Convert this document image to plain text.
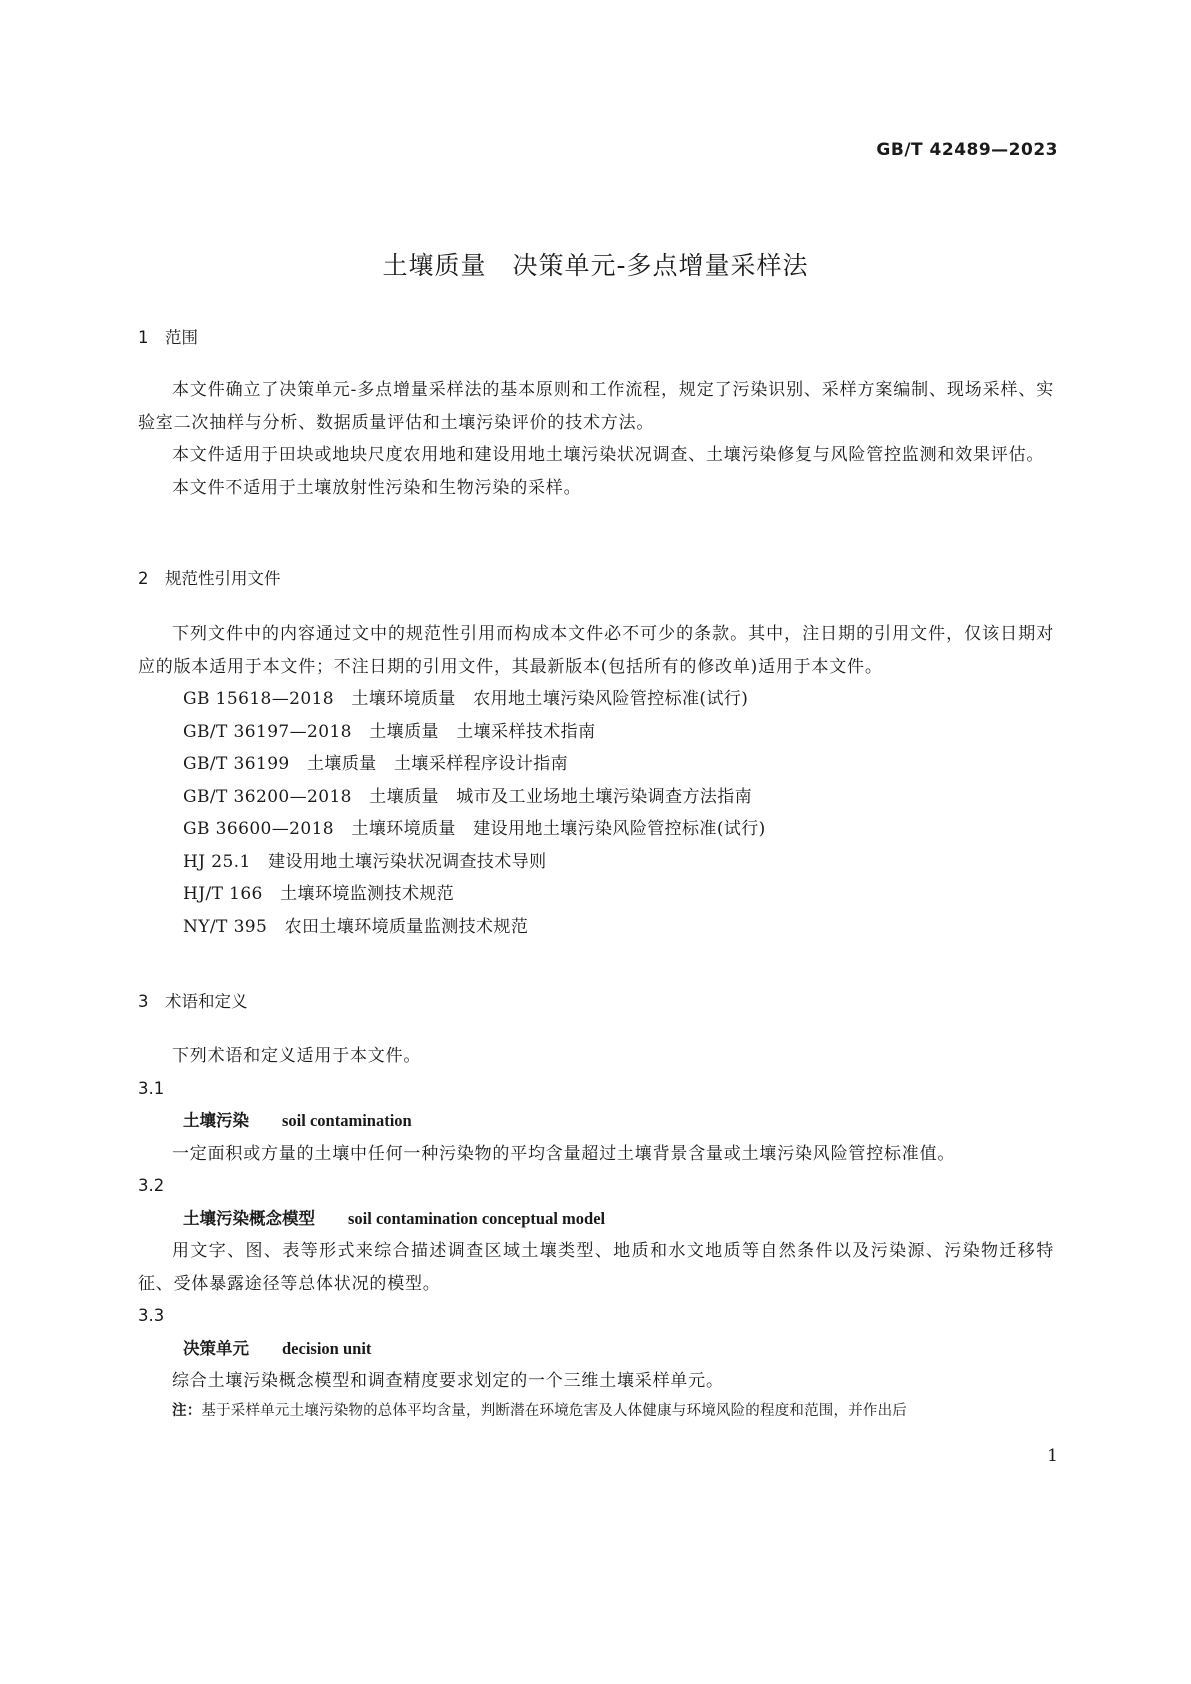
GB/T 42489—2023
土壤质量　决策单元-多点增量采样法
1　范围

本文件确立了决策单元-多点增量采样法的基本原则和工作流程，规定了污染识别、采样方案编制、现场采样、实验室二次抽样与分析、数据质量评估和土壤污染评价的技术方法。

本文件适用于田块或地块尺度农用地和建设用地土壤污染状况调查、土壤污染修复与风险管控监测和效果评估。

本文件不适用于土壤放射性污染和生物污染的采样。

2　规范性引用文件

下列文件中的内容通过文中的规范性引用而构成本文件必不可少的条款。其中，注日期的引用文件，仅该日期对应的版本适用于本文件；不注日期的引用文件，其最新版本(包括所有的修改单)适用于本文件。

GB 15618—2018　土壤环境质量　农用地土壤污染风险管控标准(试行)
GB/T 36197—2018　土壤质量　土壤采样技术指南
GB/T 36199　土壤质量　土壤采样程序设计指南
GB/T 36200—2018　土壤质量　城市及工业场地土壤污染调查方法指南
GB 36600—2018　土壤环境质量　建设用地土壤污染风险管控标准(试行)
HJ 25.1　建设用地土壤污染状况调查技术导则
HJ/T 166　土壤环境监测技术规范
NY/T 395　农田土壤环境质量监测技术规范
3　术语和定义

下列术语和定义适用于本文件。

3.1
土壤污染　　 soil contamination

一定面积或方量的土壤中任何一种污染物的平均含量超过土壤背景含量或土壤污染风险管控标准值。

3.2
土壤污染概念模型　　 soil contamination conceptual model

用文字、图、表等形式来综合描述调查区域土壤类型、地质和水文地质等自然条件以及污染源、污染物迁移特征、受体暴露途径等总体状况的模型。

3.3
决策单元　　 decision unit

综合土壤污染概念模型和调查精度要求划定的一个三维土壤采样单元。

注：基于采样单元土壤污染物的总体平均含量，判断潜在环境危害及人体健康与环境风险的程度和范围，并作出后
1
